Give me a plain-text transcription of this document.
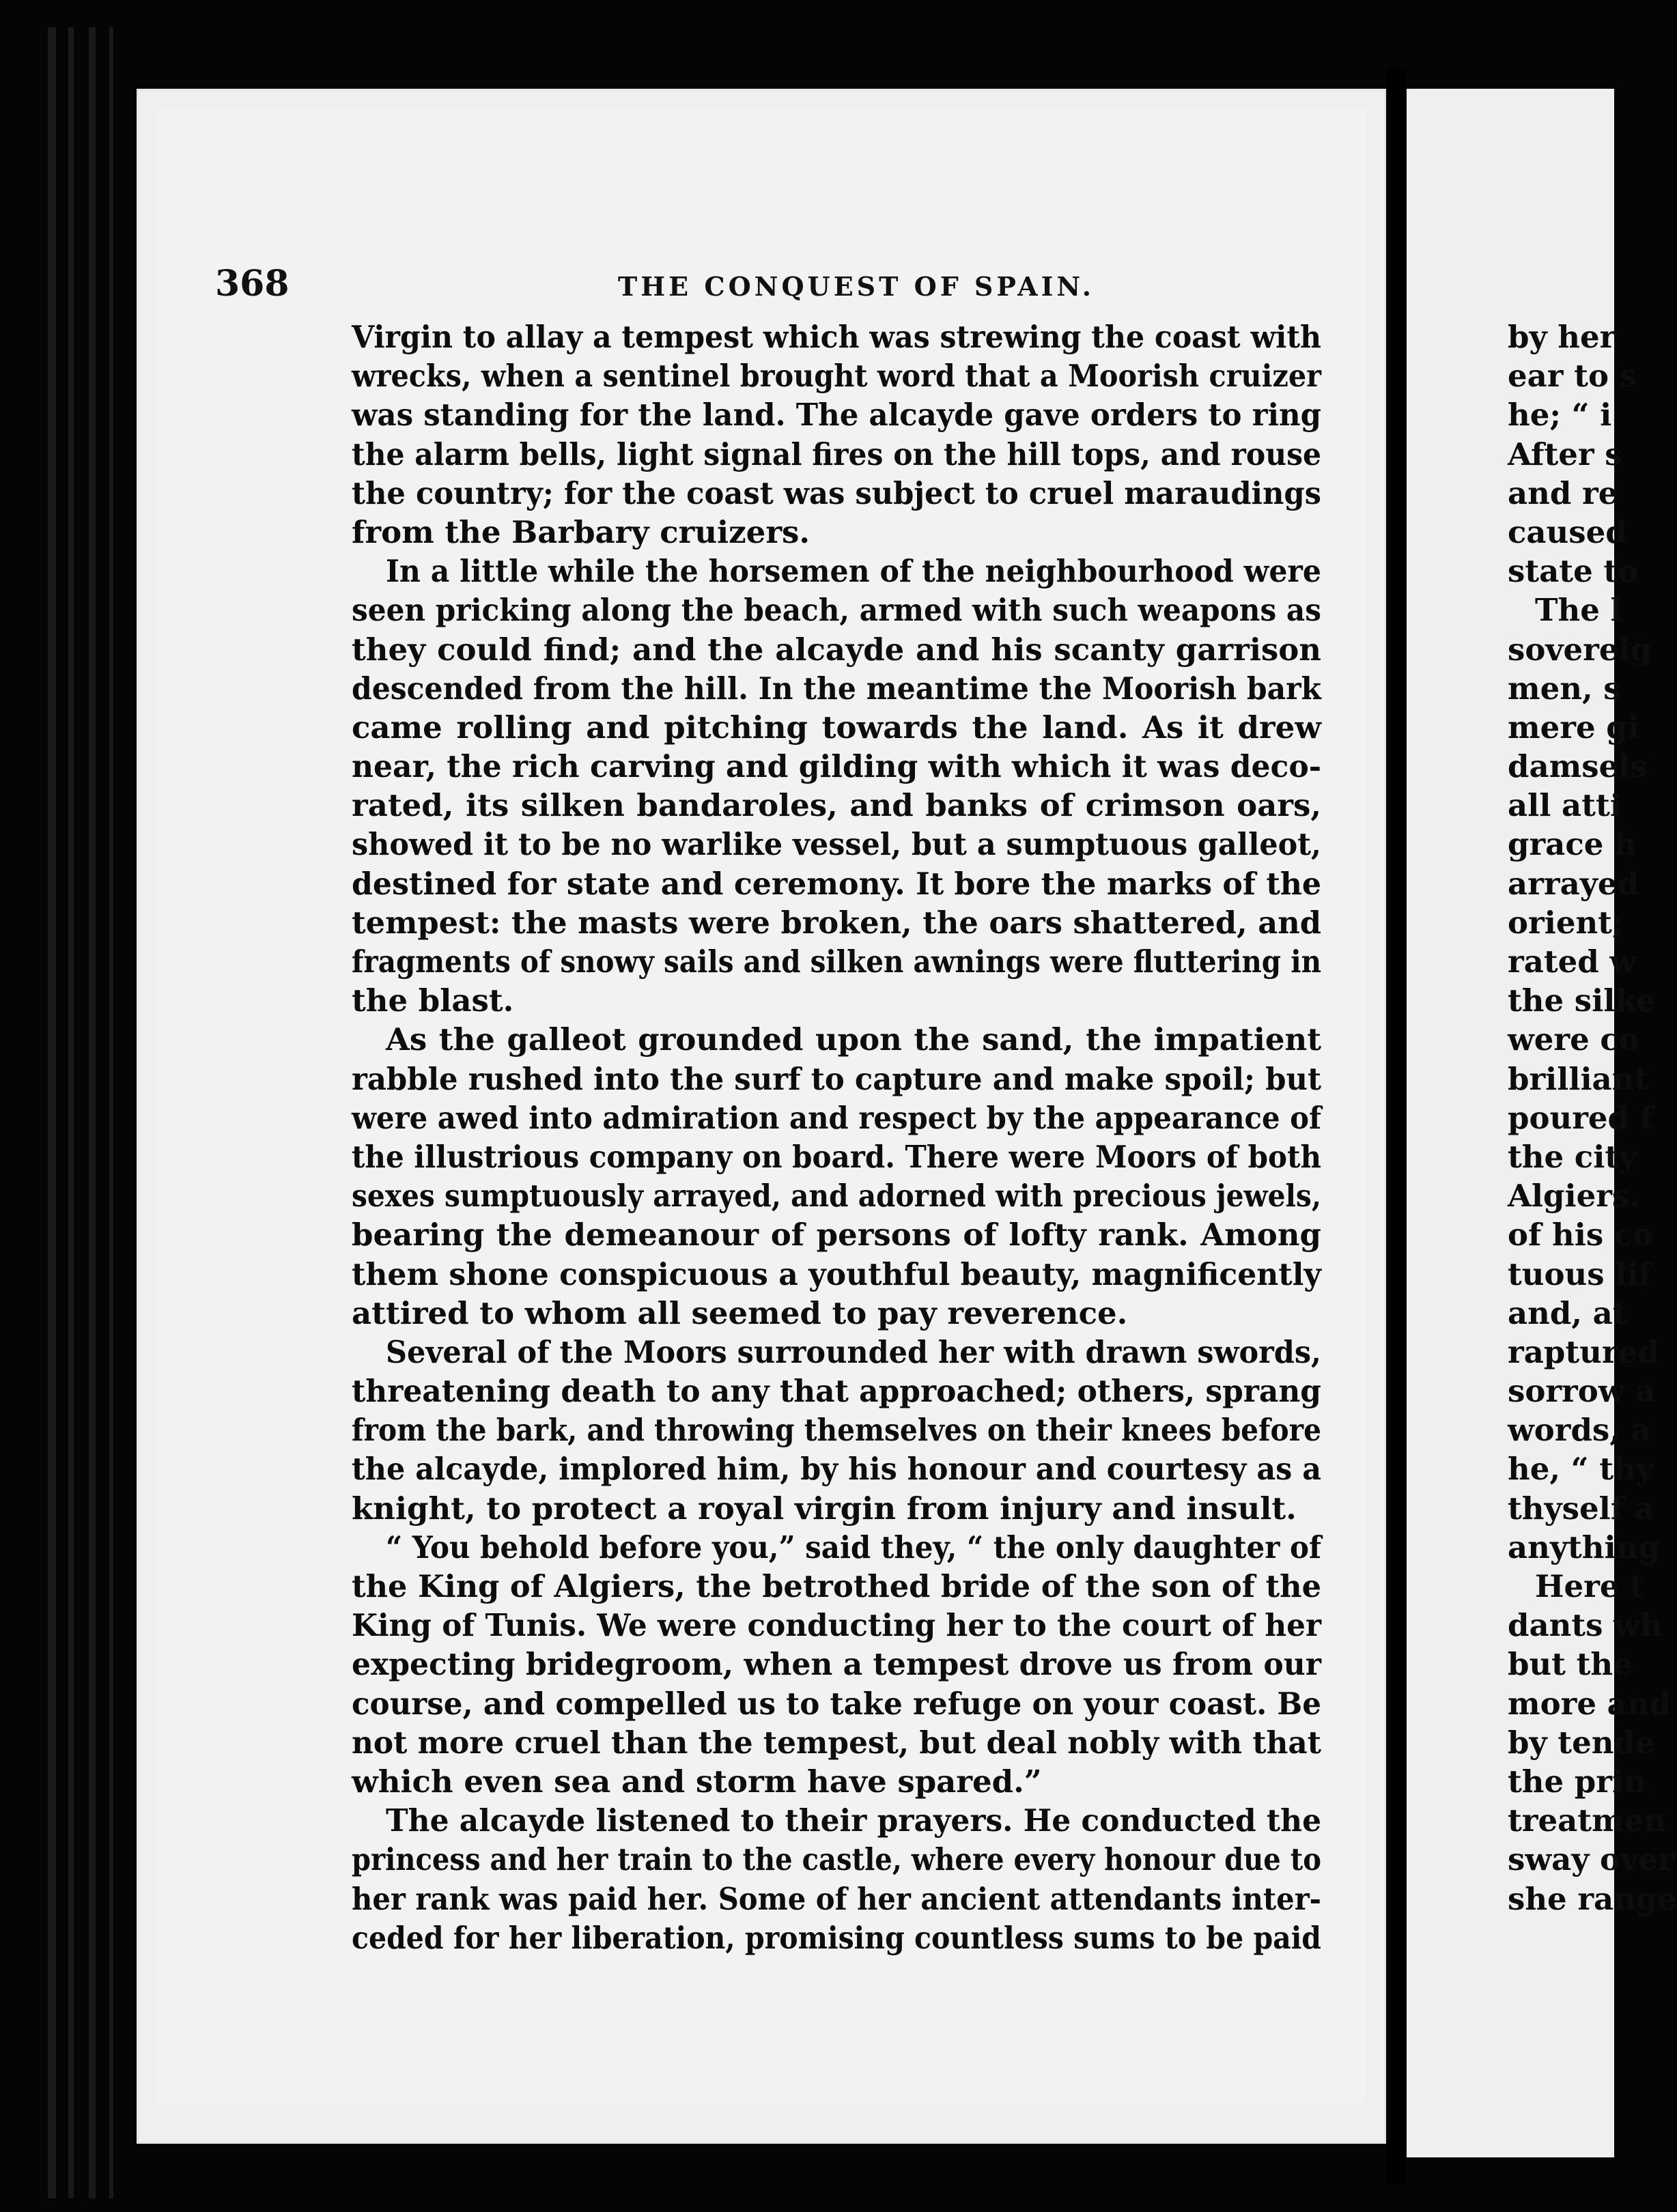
368	THE CONQUEST OF SPAIN.
Virgin to allay a tempest which was strewing the coast with
wrecks, when a sentinel brought word that a Moorish cruizer
was standing for the land. The alcayde gave orders to ring
the alarm bells, light signal fires on the hill tops, and rouse
the country; for the coast was subject to cruel maraudings
from the Barbary cruizers.
In a little while the horsemen of the neighbourhood were
seen pricking along the beach, armed with such weapons as
they could find; and the alcayde and his scanty garrison
descended from the hill. In the meantime the Moorish bark
came rolling and pitching towards the land. As it drew
near, the rich carving and gilding with which it was deco-
rated, its silken bandaroles, and banks of crimson oars,
showed it to be no warlike vessel, but a sumptuous galleot,
destined for state and ceremony. It bore the marks of the
tempest: the masts were broken, the oars shattered, and
fragments of snowy sails and silken awnings were fluttering in
the blast.
As the galleot grounded upon the sand, the impatient
rabble rushed into the surf to capture and make spoil; but
were awed into admiration and respect by the appearance of
the illustrious company on board. There were Moors of both
sexes sumptuously arrayed, and adorned with precious jewels,
bearing the demeanour of persons of lofty rank. Among
them shone conspicuous a youthful beauty, magnificently
attired to whom all seemed to pay reverence.
Several of the Moors surrounded her with drawn swords,
threatening death to any that approached; others, sprang
from the bark, and throwing themselves on their knees before
the alcayde, implored him, by his honour and courtesy as a
knight, to protect a royal virgin from injury and insult.
“ You behold before you,” said they, “ the only daughter of
the King of Algiers, the betrothed bride of the son of the
King of Tunis. We were conducting her to the court of her
expecting bridegroom, when a tempest drove us from our
course, and compelled us to take refuge on your coast. Be
not more cruel than the tempest, but deal nobly with that
which even sea and storm have spared.”
The alcayde listened to their prayers. He conducted the
princess and her train to the castle, where every honour due to
her rank was paid her. Some of her ancient attendants inter-
ceded for her liberation, promising countless sums to be paid
by her
ear to s
he; “ i
After s
and re
caused
state to
The l
sovereig
men, s
mere gi
damsels
all atti
grace h
arrayed
orient;
rated w
the silke
were co
brilliant
poured f
the city
Algiers.
of his co
tuous lif
and, at
raptured
sorrow a
words, a
he, “ thy
thyself a
anything
Here t
dants wh
but the
more and
by tende
the prin
treatmen
sway over
she range
